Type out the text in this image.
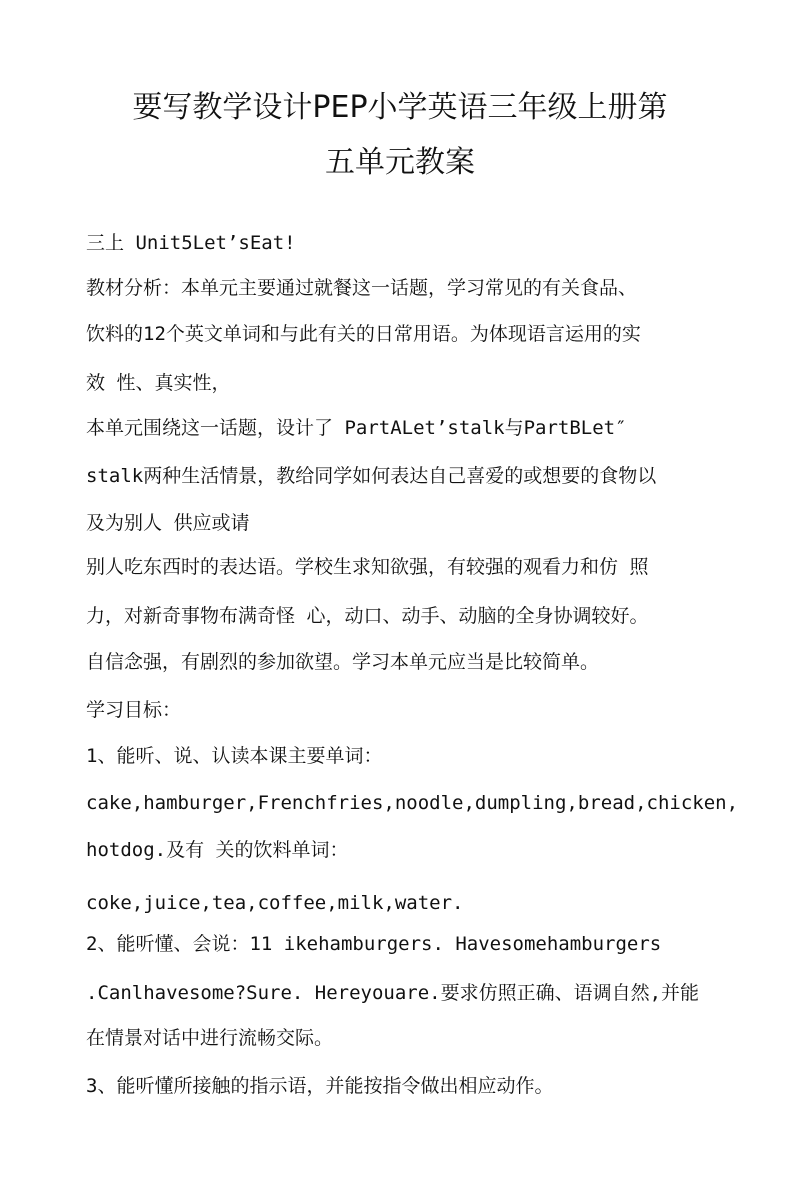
要写教学设计PEP小学英语三年级上册第
五单元教案
三上 Unit5Let’sEat!
教材分析：本单元主要通过就餐这一话题，学习常见的有关食品、
饮料的12个英文单词和与此有关的日常用语。为体现语言运用的实
效 性、真实性，
本单元围绕这一话题，设计了 PartALet’stalk与PartBLet″
stalk两种生活情景，教给同学如何表达自己喜爱的或想要的食物以
及为别人 供应或请
别人吃东西时的表达语。学校生求知欲强，有较强的观看力和仿 照
力，对新奇事物布满奇怪 心，动口、动手、动脑的全身协调较好。
自信念强，有剧烈的参加欲望。学习本单元应当是比较简单。
学习目标：
1、能听、说、认读本课主要单词：
cake,hamburger,Frenchfries,noodle,dumpling,bread,chicken,
hotdog.及有 关的饮料单词：
coke,juice,tea,coffee,milk,water.
2、能听懂、会说：11 ikehamburgers. Havesomehamburgers
.Canlhavesome?Sure. Hereyouare.要求仿照正确、语调自然,并能
在情景对话中进行流畅交际。
3、能听懂所接触的指示语，并能按指令做出相应动作。
